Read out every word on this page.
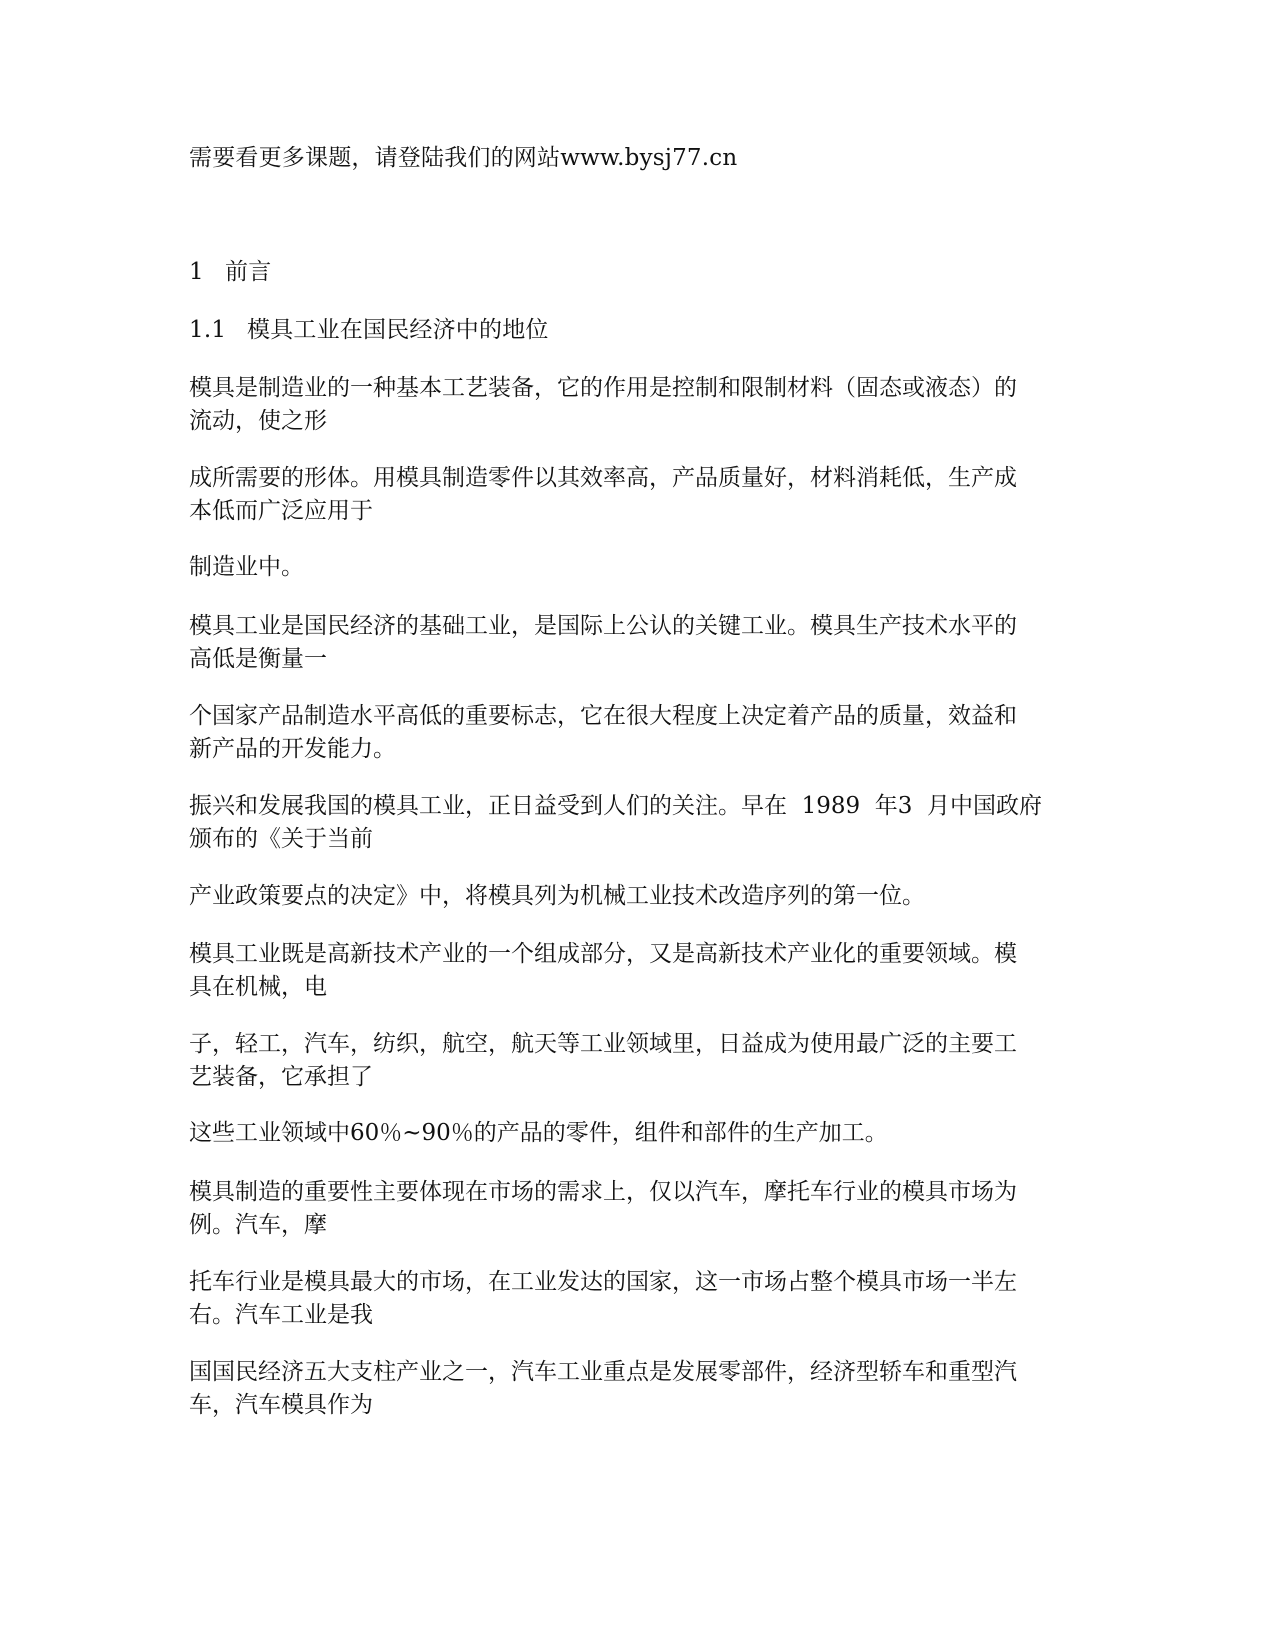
需要看更多课题，请登陆我们的网站www.bysj77.cn
1 前言
1.1 模具工业在国民经济中的地位
模具是制造业的一种基本工艺装备，它的作用是控制和限制材料（固态或液态）的
流动，使之形
成所需要的形体。用模具制造零件以其效率高，产品质量好，材料消耗低，生产成
本低而广泛应用于
制造业中。
模具工业是国民经济的基础工业，是国际上公认的关键工业。模具生产技术水平的
高低是衡量一
个国家产品制造水平高低的重要标志，它在很大程度上决定着产品的质量，效益和
新产品的开发能力。
振兴和发展我国的模具工业，正日益受到人们的关注。早在  1989  年3  月中国政府
颁布的《关于当前
产业政策要点的决定》中，将模具列为机械工业技术改造序列的第一位。
模具工业既是高新技术产业的一个组成部分，又是高新技术产业化的重要领域。模
具在机械，电
子，轻工，汽车，纺织，航空，航天等工业领域里，日益成为使用最广泛的主要工
艺装备，它承担了
这些工业领域中60％~90％的产品的零件，组件和部件的生产加工。
模具制造的重要性主要体现在市场的需求上，仅以汽车，摩托车行业的模具市场为
例。汽车，摩
托车行业是模具最大的市场，在工业发达的国家，这一市场占整个模具市场一半左
右。汽车工业是我
国国民经济五大支柱产业之一，汽车工业重点是发展零部件，经济型轿车和重型汽
车，汽车模具作为
